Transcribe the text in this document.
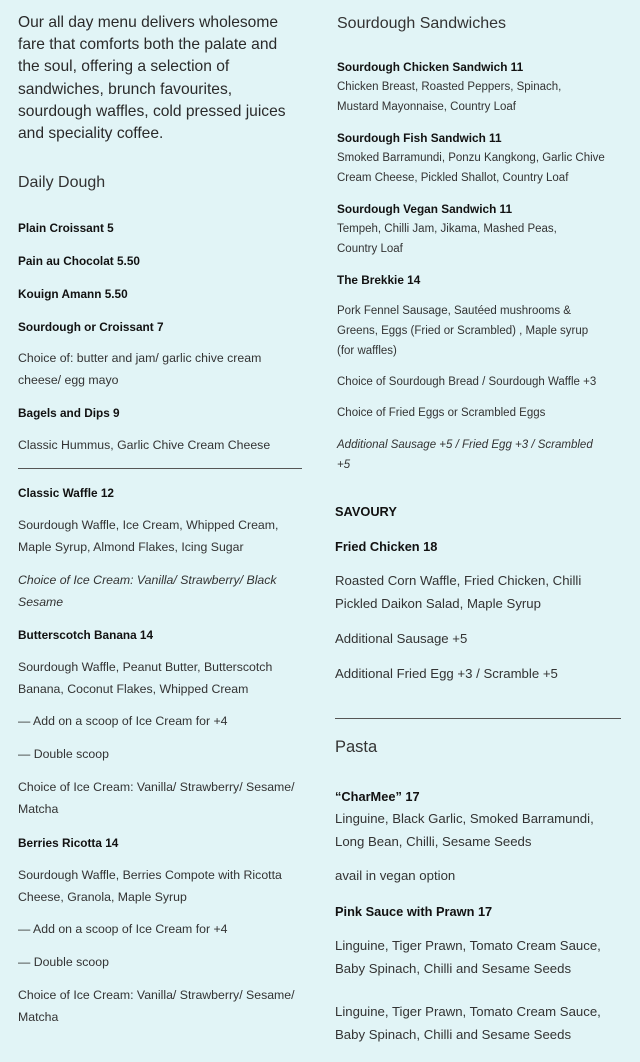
Our all day menu delivers wholesome fare that comforts both the palate and the soul, offering a selection of sandwiches, brunch favourites, sourdough waffles, cold pressed juices and speciality coffee.

Daily Dough
Plain Croissant 5
Pain au Chocolat 5.50
Kouign Amann 5.50
Sourdough or Croissant 7

Choice of: butter and jam/ garlic chive cream cheese/ egg mayo

Bagels and Dips 9

Classic Hummus, Garlic Chive Cream Cheese

Classic Waffle 12

Sourdough Waffle, Ice Cream, Whipped Cream, Maple Syrup, Almond Flakes, Icing Sugar

Choice of Ice Cream: Vanilla/ Strawberry/ Black Sesame

Butterscotch Banana 14

Sourdough Waffle, Peanut Butter, Butterscotch Banana, Coconut Flakes, Whipped Cream

— Add on a scoop of Ice Cream for +4

— Double scoop

Choice of Ice Cream: Vanilla/ Strawberry/ Sesame/ Matcha

Berries Ricotta 14

Sourdough Waffle, Berries Compote with Ricotta Cheese, Granola, Maple Syrup

— Add on a scoop of Ice Cream for +4

— Double scoop

Choice of Ice Cream: Vanilla/ Strawberry/ Sesame/ Matcha

Sourdough Sandwiches
Sourdough Chicken Sandwich 11

Chicken Breast, Roasted Peppers, Spinach, Mustard Mayonnaise, Country Loaf

Sourdough Fish Sandwich 11

Smoked Barramundi, Ponzu Kangkong, Garlic Chive Cream Cheese, Pickled Shallot, Country Loaf

Sourdough Vegan Sandwich 11

Tempeh, Chilli Jam, Jikama, Mashed Peas, Country Loaf

The Brekkie 14

Pork Fennel Sausage, Sautéed mushrooms & Greens, Eggs (Fried or Scrambled) , Maple syrup (for waffles)

Choice of Sourdough Bread / Sourdough Waffle +3

Choice of Fried Eggs or Scrambled Eggs

Additional Sausage +5 / Fried Egg +3 / Scrambled +5

SAVOURY
Fried Chicken 18

Roasted Corn Waffle, Fried Chicken, Chilli Pickled Daikon Salad, Maple Syrup

Additional Sausage +5

Additional Fried Egg +3 / Scramble +5

Pasta
“CharMee” 17

Linguine, Black Garlic, Smoked Barramundi, Long Bean, Chilli, Sesame Seeds

avail in vegan option

Pink Sauce with Prawn 17

Linguine, Tiger Prawn, Tomato Cream Sauce, Baby Spinach, Chilli and Sesame Seeds

Linguine, Tiger Prawn, Tomato Cream Sauce, Baby Spinach, Chilli and Sesame Seeds
